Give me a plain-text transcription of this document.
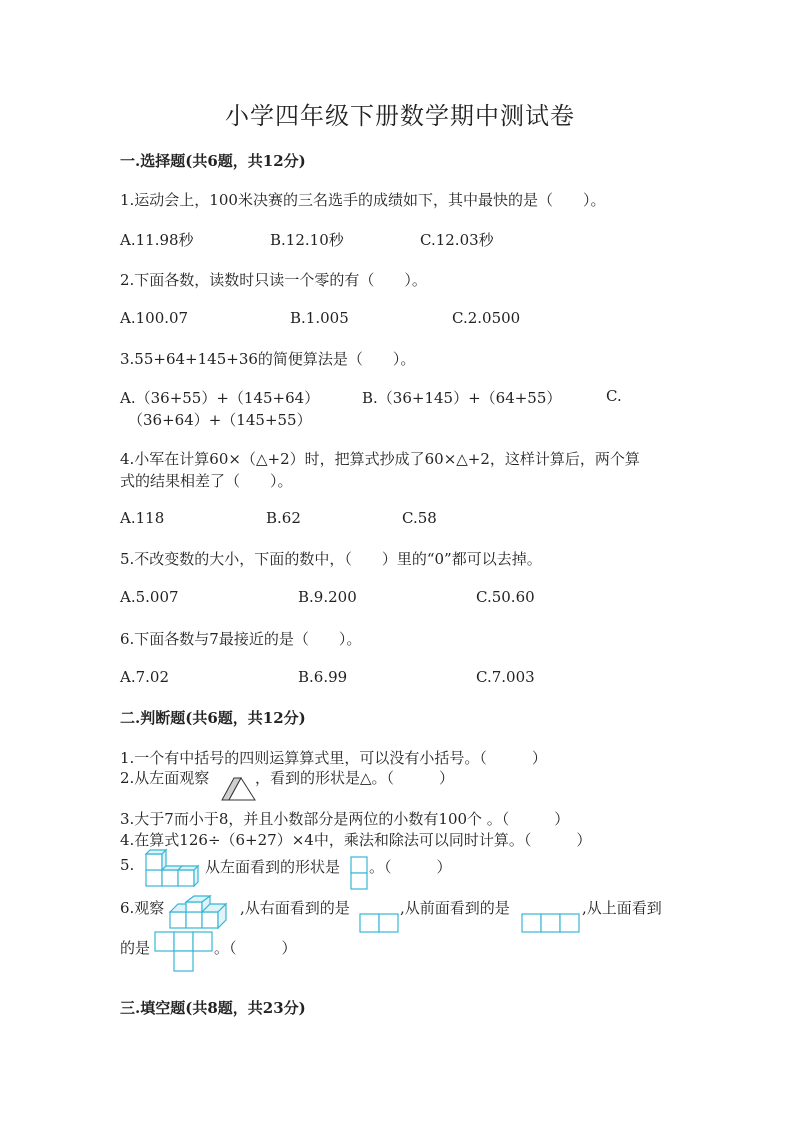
小学四年级下册数学期中测试卷
一.选择题(共6题，共12分)
1.运动会上，100米决赛的三名选手的成绩如下，其中最快的是（　　）。
A.11.98秒	B.12.10秒	C.12.03秒
2.下面各数，读数时只读一个零的有（　　）。
A.100.07	B.1.005	C.2.0500
3.55+64+145+36的简便算法是（　　）。
A.（36+55）+（145+64）	B.（36+145）+（64+55）	C.
（36+64）+（145+55）
4.小军在计算60×（△+2）时，把算式抄成了60×△+2，这样计算后，两个算
式的结果相差了（　　）。
A.118	B.62	C.58
5.不改变数的大小，下面的数中，（　　）里的“0”都可以去掉。
A.5.007	B.9.200	C.50.60
6.下面各数与7最接近的是（　　）。
A.7.02	B.6.99	C.7.003
二.判断题(共6题，共12分)
1.一个有中括号的四则运算算式里，可以没有小括号。（　　　）
2.从左面观察	，看到的形状是△。（　　　）
3.大于7而小于8，并且小数部分是两位的小数有100个 。（　　　）
4.在算式126÷（6+27）×4中，乘法和除法可以同时计算。（　　　）
5.	从左面看到的形状是 。（　　　）
6.观察	,从右面看到的是	,从前面看到的是	,从上面看到
的是	。（　　　）
三.填空题(共8题，共23分)
